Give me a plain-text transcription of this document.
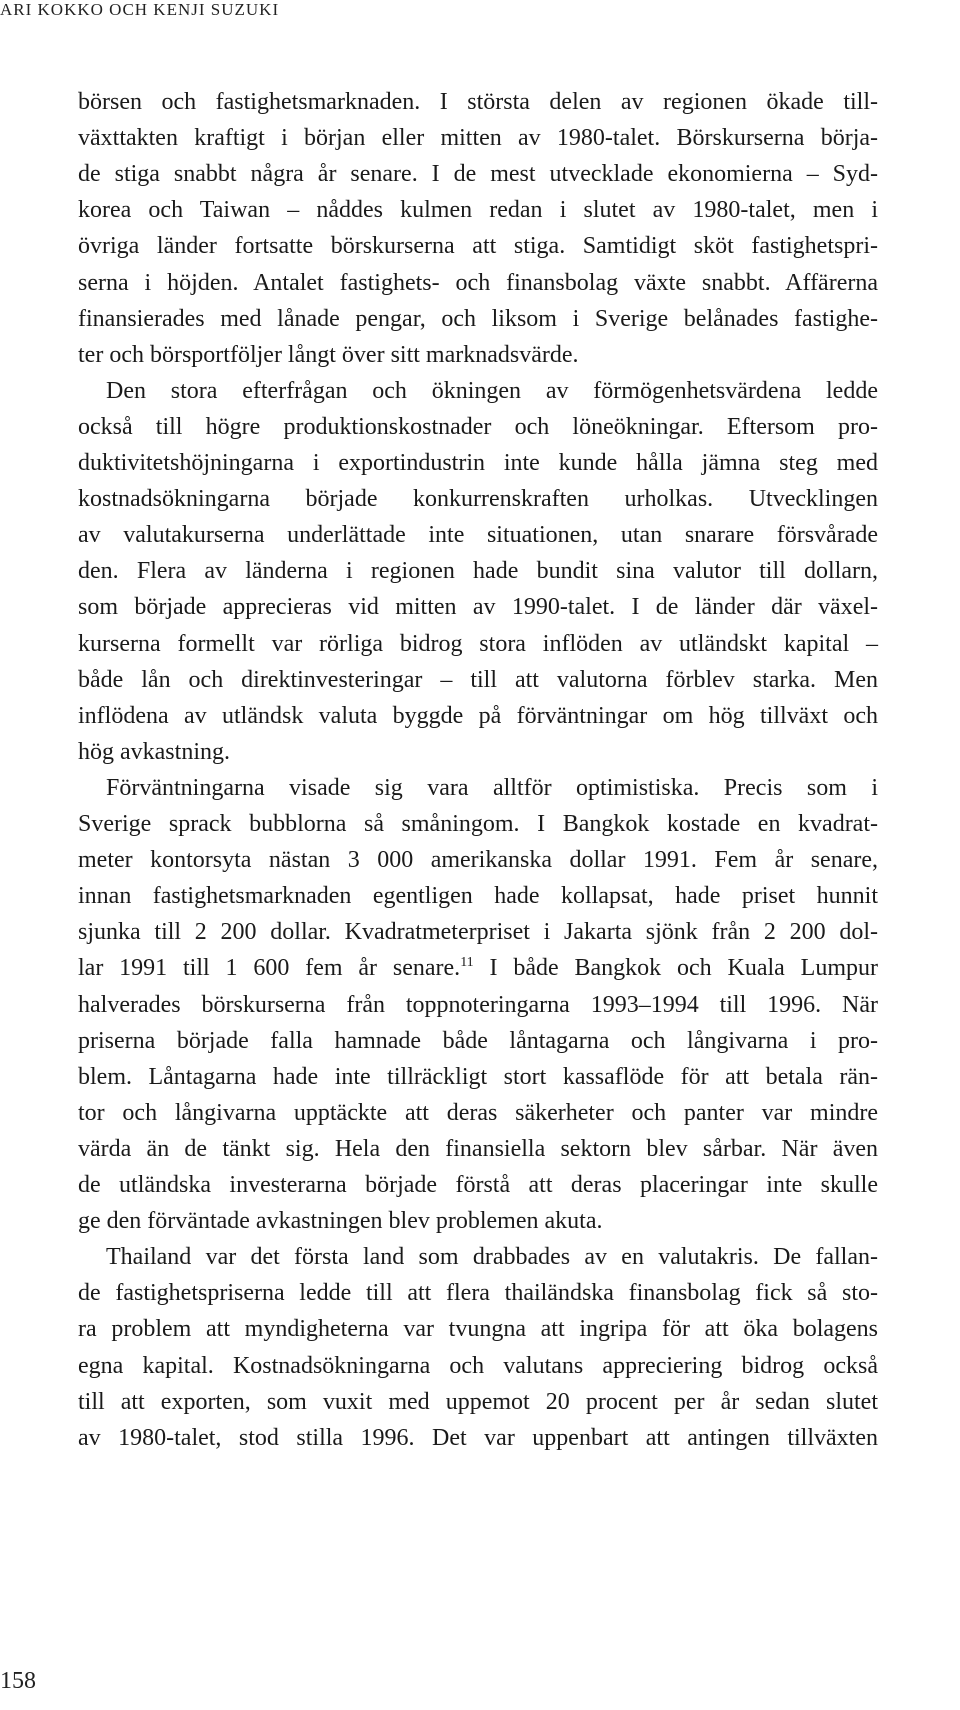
ARI KOKKO OCH KENJI SUZUKI
börsen och fastighetsmarknaden. I största delen av regionen ökade till-
växttakten kraftigt i början eller mitten av 1980-talet. Börskurserna börja-
de stiga snabbt några år senare. I de mest utvecklade ekonomierna – Syd-
korea och Taiwan – nåddes kulmen redan i slutet av 1980-talet, men i
övriga länder fortsatte börskurserna att stiga. Samtidigt sköt fastighetspri-
serna i höjden. Antalet fastighets- och finansbolag växte snabbt. Affärerna
finansierades med lånade pengar, och liksom i Sverige belånades fastighe-
ter och börsportföljer långt över sitt marknadsvärde.
Den stora efterfrågan och ökningen av förmögenhetsvärdena ledde
också till högre produktionskostnader och löneökningar. Eftersom pro-
duktivitetshöjningarna i exportindustrin inte kunde hålla jämna steg med
kostnadsökningarna började konkurrenskraften urholkas. Utvecklingen
av valutakurserna underlättade inte situationen, utan snarare försvårade
den. Flera av länderna i regionen hade bundit sina valutor till dollarn,
som började apprecieras vid mitten av 1990-talet. I de länder där växel-
kurserna formellt var rörliga bidrog stora inflöden av utländskt kapital –
både lån och direktinvesteringar – till att valutorna förblev starka. Men
inflödena av utländsk valuta byggde på förväntningar om hög tillväxt och
hög avkastning.
Förväntningarna visade sig vara alltför optimistiska. Precis som i
Sverige sprack bubblorna så småningom. I Bangkok kostade en kvadrat-
meter kontorsyta nästan 3 000 amerikanska dollar 1991. Fem år senare,
innan fastighetsmarknaden egentligen hade kollapsat, hade priset hunnit
sjunka till 2 200 dollar. Kvadratmeterpriset i Jakarta sjönk från 2 200 dol-
lar 1991 till 1 600 fem år senare.$^{11}$ I både Bangkok och Kuala Lumpur
halverades börskurserna från toppnoteringarna 1993–1994 till 1996. När
priserna började falla hamnade både låntagarna och långivarna i pro-
blem. Låntagarna hade inte tillräckligt stort kassaflöde för att betala rän-
tor och långivarna upptäckte att deras säkerheter och panter var mindre
värda än de tänkt sig. Hela den finansiella sektorn blev sårbar. När även
de utländska investerarna började förstå att deras placeringar inte skulle
ge den förväntade avkastningen blev problemen akuta.
Thailand var det första land som drabbades av en valutakris. De fallan-
de fastighetspriserna ledde till att flera thailändska finansbolag fick så sto-
ra problem att myndigheterna var tvungna att ingripa för att öka bolagens
egna kapital. Kostnadsökningarna och valutans appreciering bidrog också
till att exporten, som vuxit med uppemot 20 procent per år sedan slutet
av 1980-talet, stod stilla 1996. Det var uppenbart att antingen tillväxten
158
